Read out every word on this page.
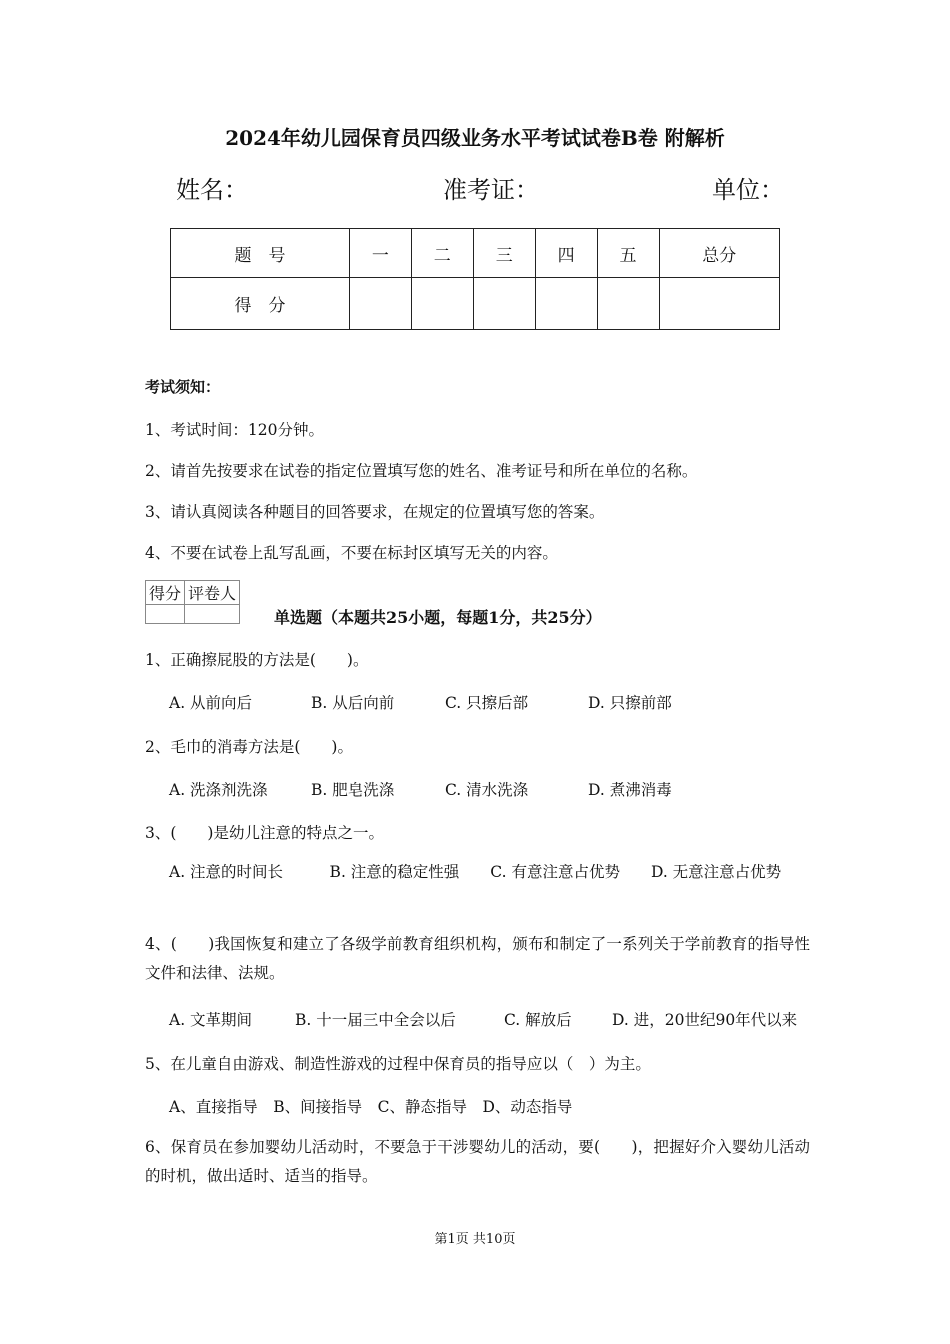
2024年幼儿园保育员四级业务水平考试试卷B卷 附解析
姓名：	准考证：	单位：
题　号	一	二	三	四	五	总分
得　分						
考试须知：
1、考试时间：120分钟。
2、请首先按要求在试卷的指定位置填写您的姓名、准考证号和所在单位的名称。
3、请认真阅读各种题目的回答要求，在规定的位置填写您的答案。
4、不要在试卷上乱写乱画，不要在标封区填写无关的内容。
得分	评卷人

单选题（本题共25小题，每题1分，共25分）
1、正确擦屁股的方法是(　　)。
A. 从前向后	B. 从后向前	C. 只擦后部	D. 只擦前部
2、毛巾的消毒方法是(　　)。
A. 洗涤剂洗涤	B. 肥皂洗涤	C. 清水洗涤	D. 煮沸消毒
3、(　　)是幼儿注意的特点之一。
A. 注意的时间长　　　B. 注意的稳定性强　　C. 有意注意占优势　　D. 无意注意占优势
4、(　　)我国恢复和建立了各级学前教育组织机构，颁布和制定了一系列关于学前教育的指导性文件和法律、法规。
A. 文革期间	B. 十一届三中全会以后	C. 解放后	D. 进，20世纪90年代以来
5、在儿童自由游戏、制造性游戏的过程中保育员的指导应以（　）为主。
A、直接指导　B、间接指导　C、静态指导　D、动态指导
6、保育员在参加婴幼儿活动时，不要急于干涉婴幼儿的活动，要(　　)，把握好介入婴幼儿活动的时机，做出适时、适当的指导。
第1页 共10页
